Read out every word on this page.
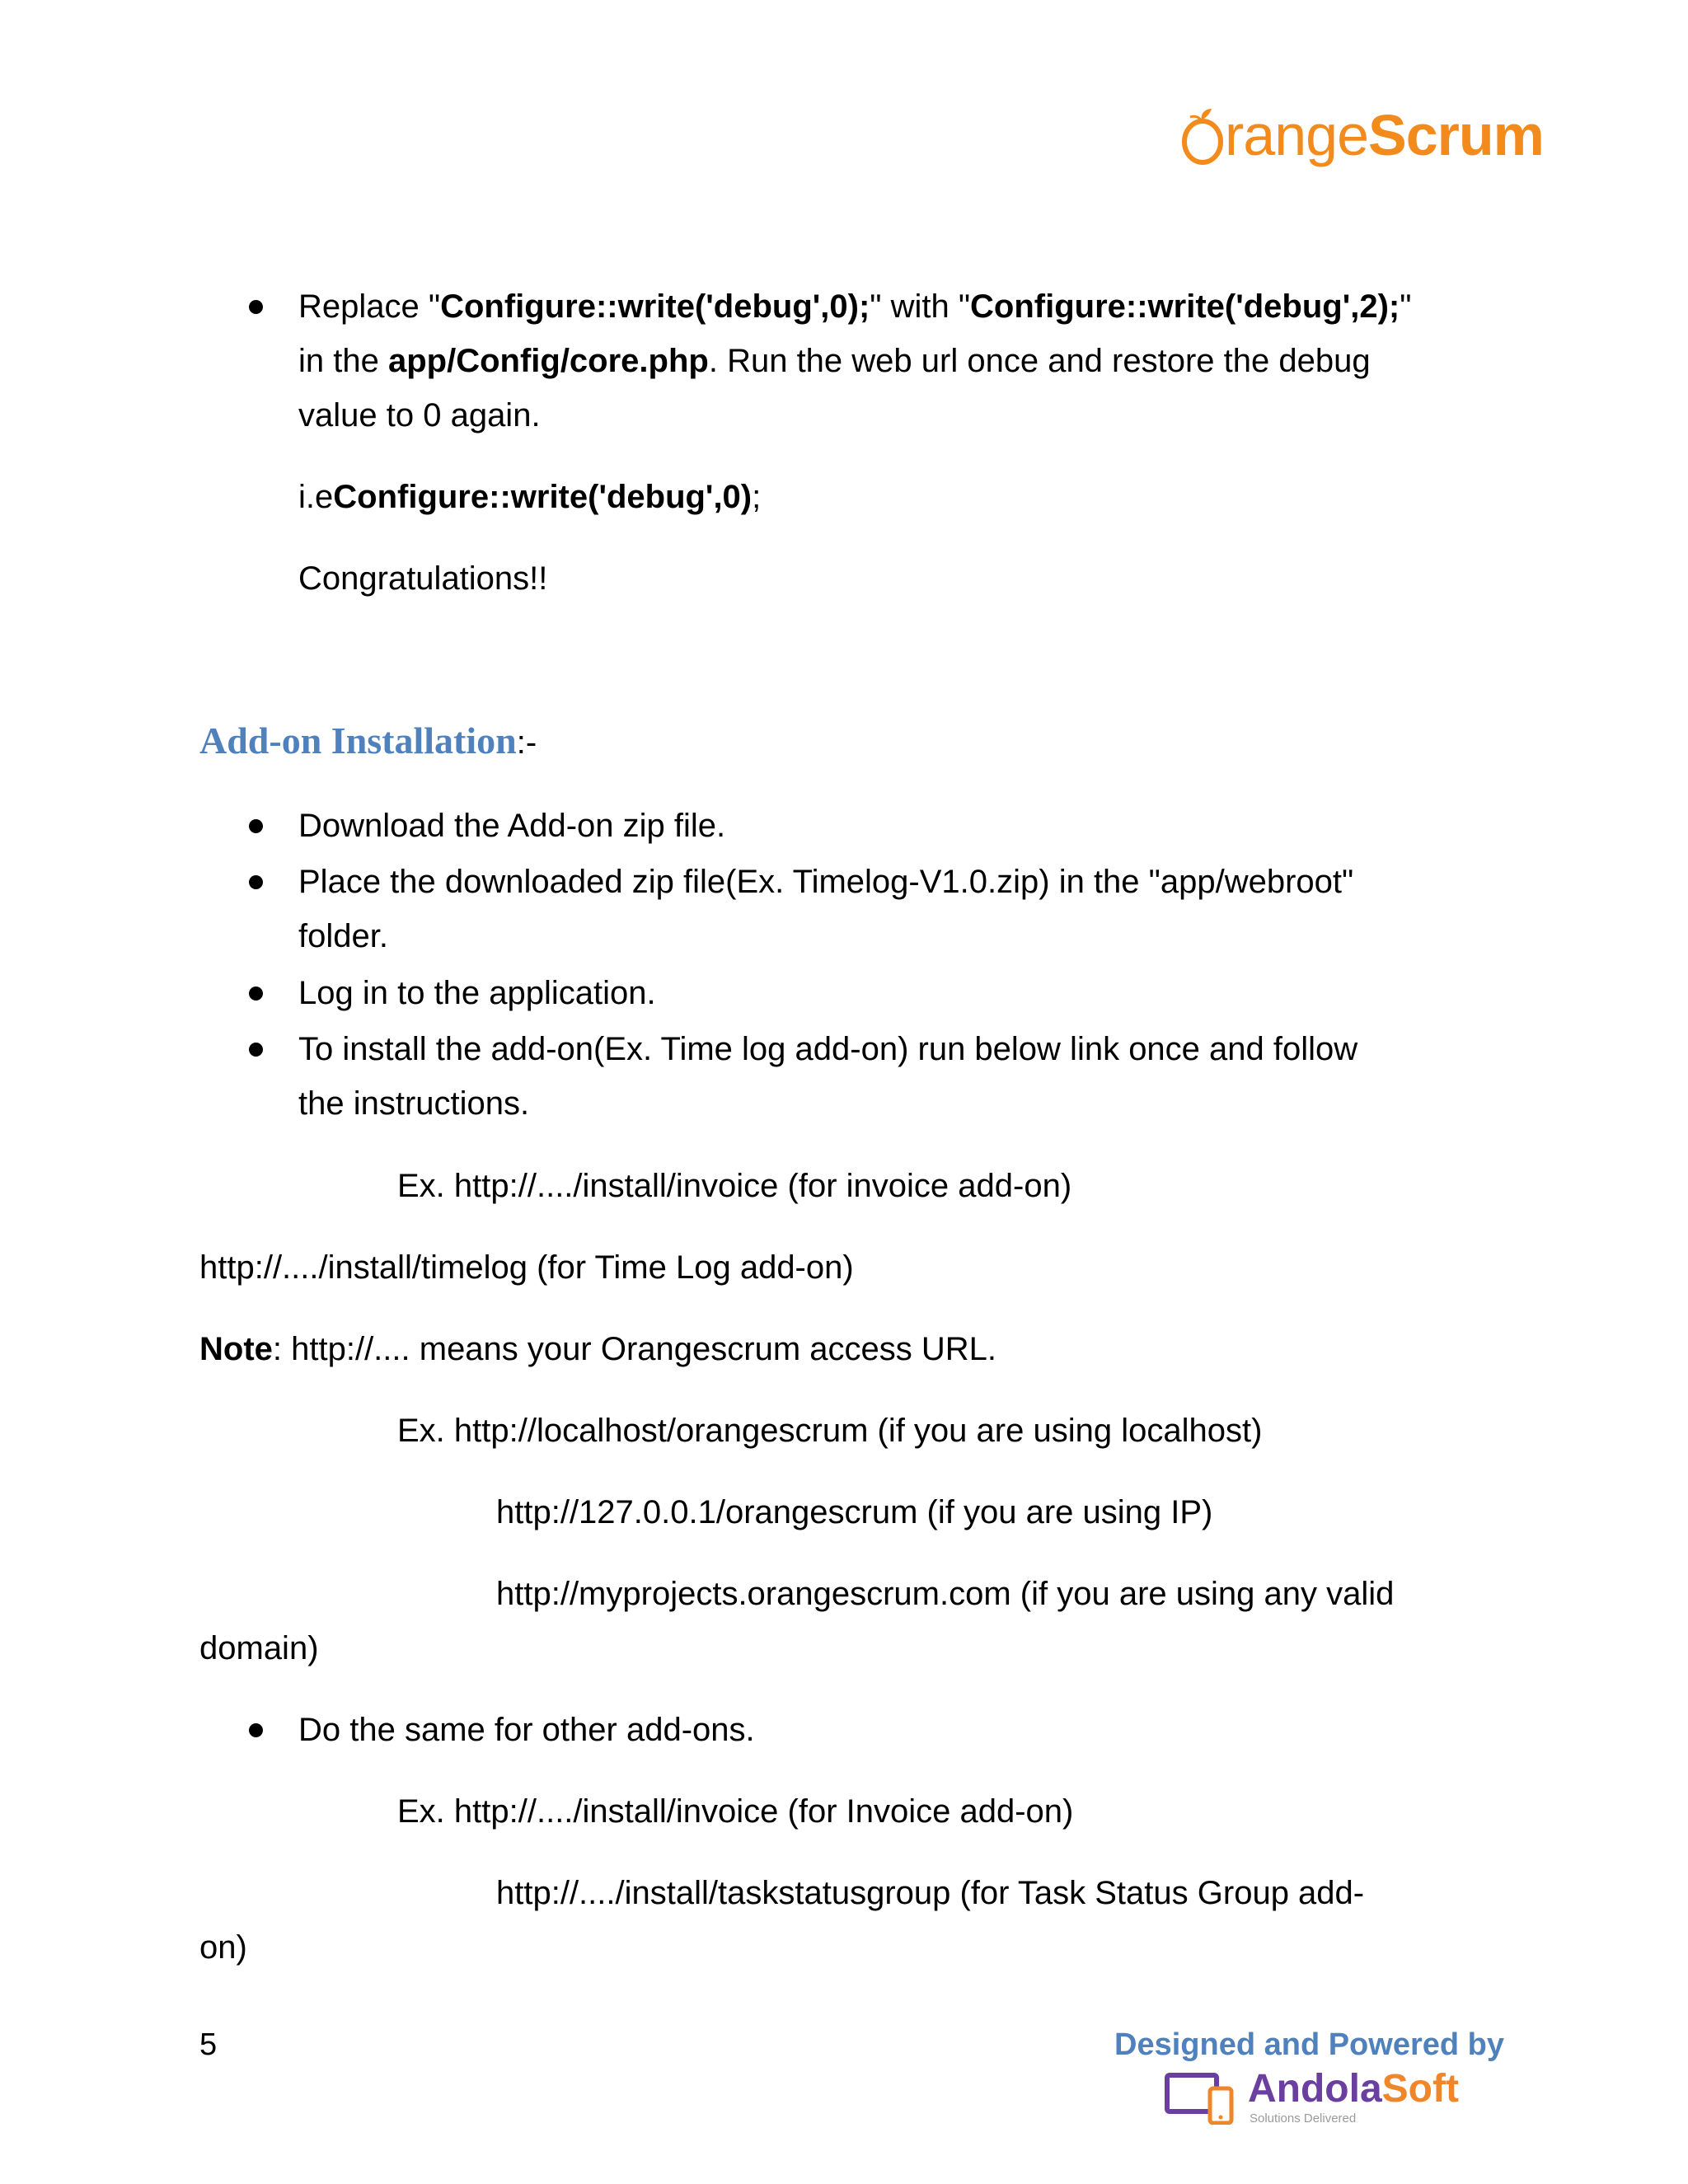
rangeScrum
Replace "Configure::write('debug',0);" with "Configure::write('debug',2);"
in the app/Config/core.php. Run the web url once and restore the debug
value to 0 again.
i.eConfigure::write('debug',0);
Congratulations!!
Add-on Installation:-
Download the Add-on zip file.
Place the downloaded zip file(Ex. Timelog-V1.0.zip) in the "app/webroot"
folder.
Log in to the application.
To install the add-on(Ex. Time log add-on) run below link once and follow
the instructions.
Ex. http://..../install/invoice (for invoice add-on)
http://..../install/timelog (for Time Log add-on)
Note: http://.... means your Orangescrum access URL.
Ex. http://localhost/orangescrum (if you are using localhost)
http://127.0.0.1/orangescrum (if you are using IP)
http://myprojects.orangescrum.com (if you are using any valid
domain)
Do the same for other add-ons.
Ex. http://..../install/invoice (for Invoice add-on)
http://..../install/taskstatusgroup (for Task Status Group add-
on)
5	Designed and Powered by
AndolaSoft
Solutions Delivered
